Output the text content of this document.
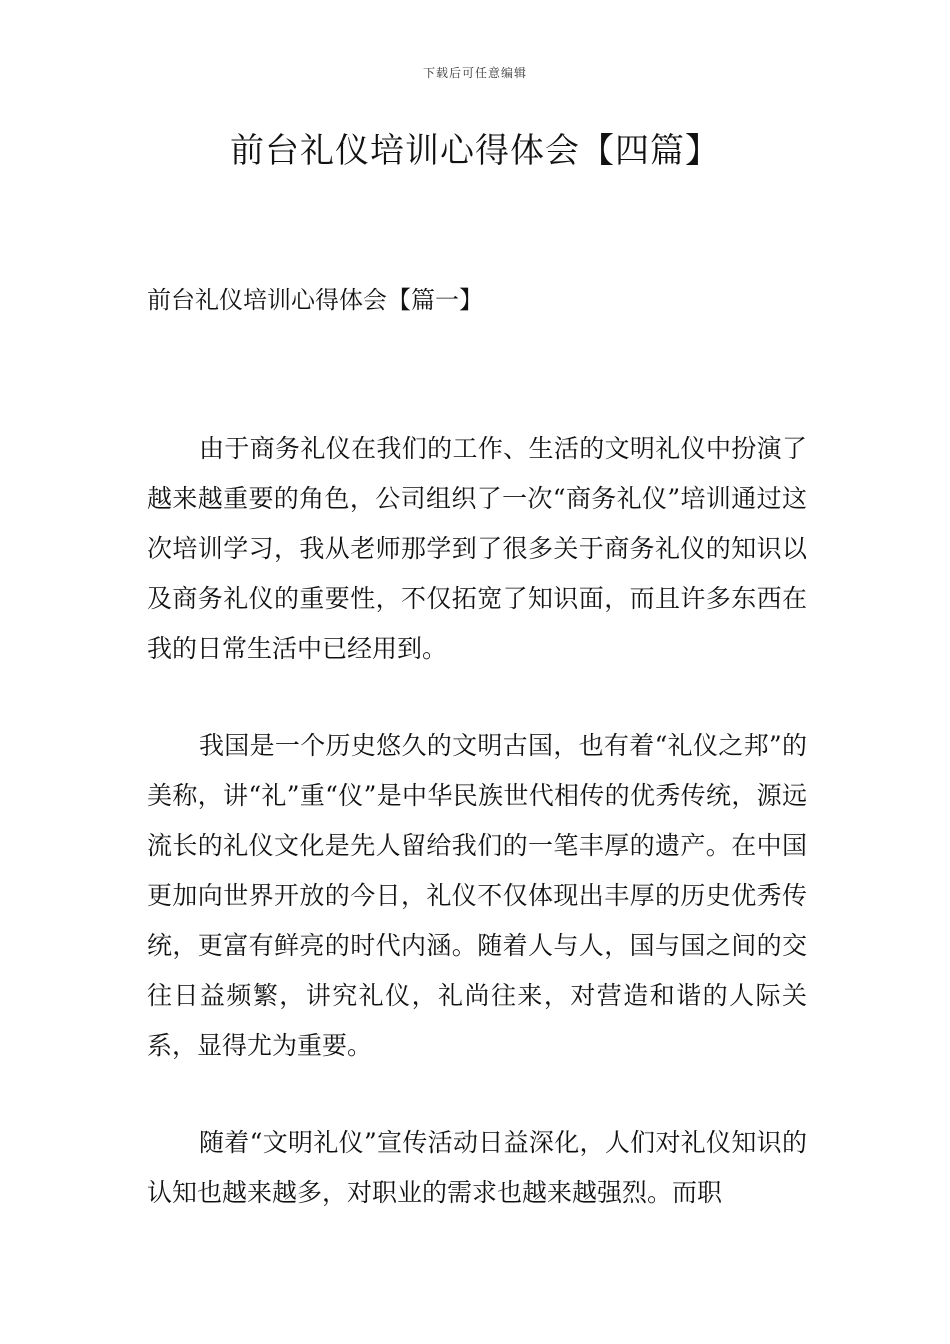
下载后可任意编辑
前台礼仪培训心得体会【四篇】
前台礼仪培训心得体会【篇一】

由于商务礼仪在我们的工作、生活的文明礼仪中扮演了越来越重要的角色，公司组织了一次“商务礼仪”培训通过这次培训学习，我从老师那学到了很多关于商务礼仪的知识以及商务礼仪的重要性，不仅拓宽了知识面，而且许多东西在我的日常生活中已经用到。

我国是一个历史悠久的文明古国，也有着“礼仪之邦”的美称，讲“礼”重“仪”是中华民族世代相传的优秀传统，源远流长的礼仪文化是先人留给我们的一笔丰厚的遗产。在中国更加向世界开放的今日，礼仪不仅体现出丰厚的历史优秀传统，更富有鲜亮的时代内涵。随着人与人，国与国之间的交往日益频繁，讲究礼仪，礼尚往来，对营造和谐的人际关系，显得尤为重要。

随着“文明礼仪”宣传活动日益深化，人们对礼仪知识的认知也越来越多，对职业的需求也越来越强烈。而职
